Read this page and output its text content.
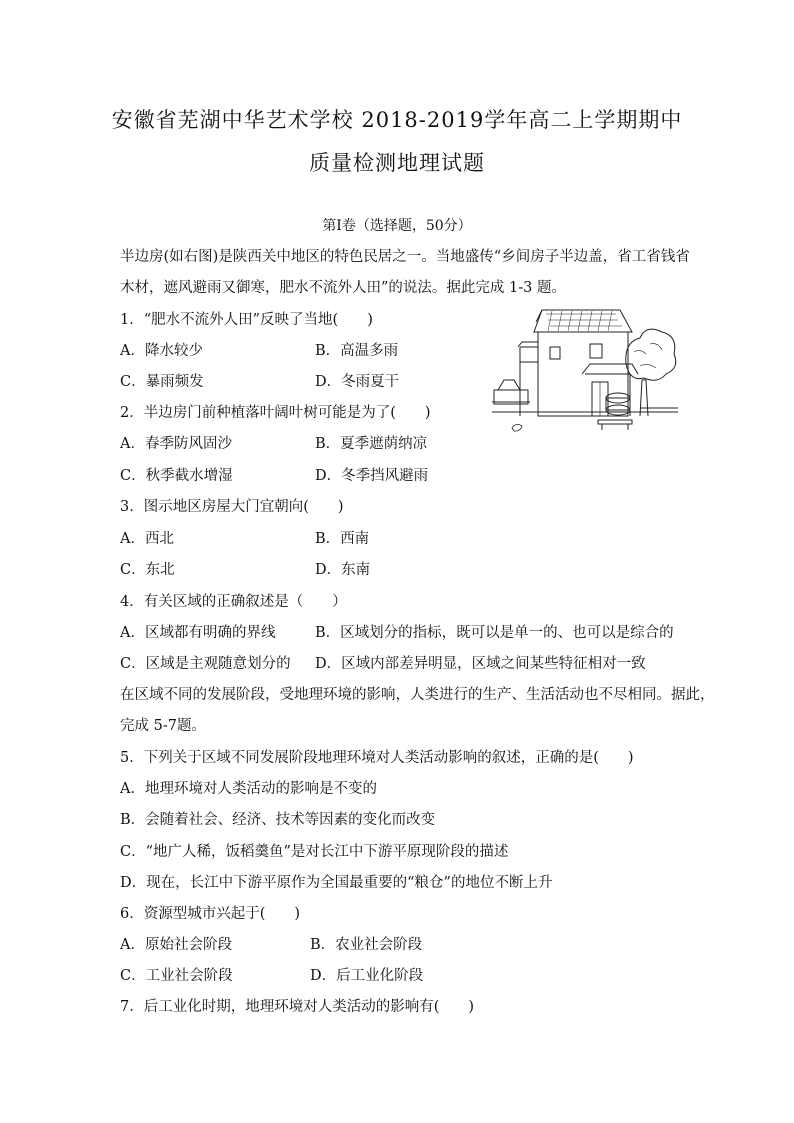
安徽省芜湖中华艺术学校 2018-2019学年高二上学期期中
质量检测地理试题
第Ⅰ卷（选择题，50分）
半边房(如右图)是陕西关中地区的特色民居之一。当地盛传“乡间房子半边盖，省工省钱省
木材，遮风避雨又御寒，肥水不流外人田”的说法。据此完成 1-3 题。
1．“肥水不流外人田”反映了当地(　　)
A．降水较少	B．高温多雨
C．暴雨频发	D．冬雨夏干
2．半边房门前种植落叶阔叶树可能是为了(　　)
A．春季防风固沙	B．夏季遮荫纳凉
C．秋季截水增湿	D．冬季挡风避雨
3．图示地区房屋大门宜朝向(　　)
A．西北	B．西南
C．东北	D．东南
4．有关区域的正确叙述是（　　）
A．区域都有明确的界线	B．区域划分的指标，既可以是单一的、也可以是综合的
C．区域是主观随意划分的 D．区域内部差异明显，区域之间某些特征相对一致
在区域不同的发展阶段，受地理环境的影响，人类进行的生产、生活活动也不尽相同。据此，
完成 5-7题。
5．下列关于区域不同发展阶段地理环境对人类活动影响的叙述，正确的是(　　)
A．地理环境对人类活动的影响是不变的
B．会随着社会、经济、技术等因素的变化而改变
C．“地广人稀，饭稻羹鱼”是对长江中下游平原现阶段的描述
D．现在，长江中下游平原作为全国最重要的“粮仓”的地位不断上升
6．资源型城市兴起于(　　)
A．原始社会阶段	B．农业社会阶段
C．工业社会阶段	D．后工业化阶段
7．后工业化时期，地理环境对人类活动的影响有(　　)
